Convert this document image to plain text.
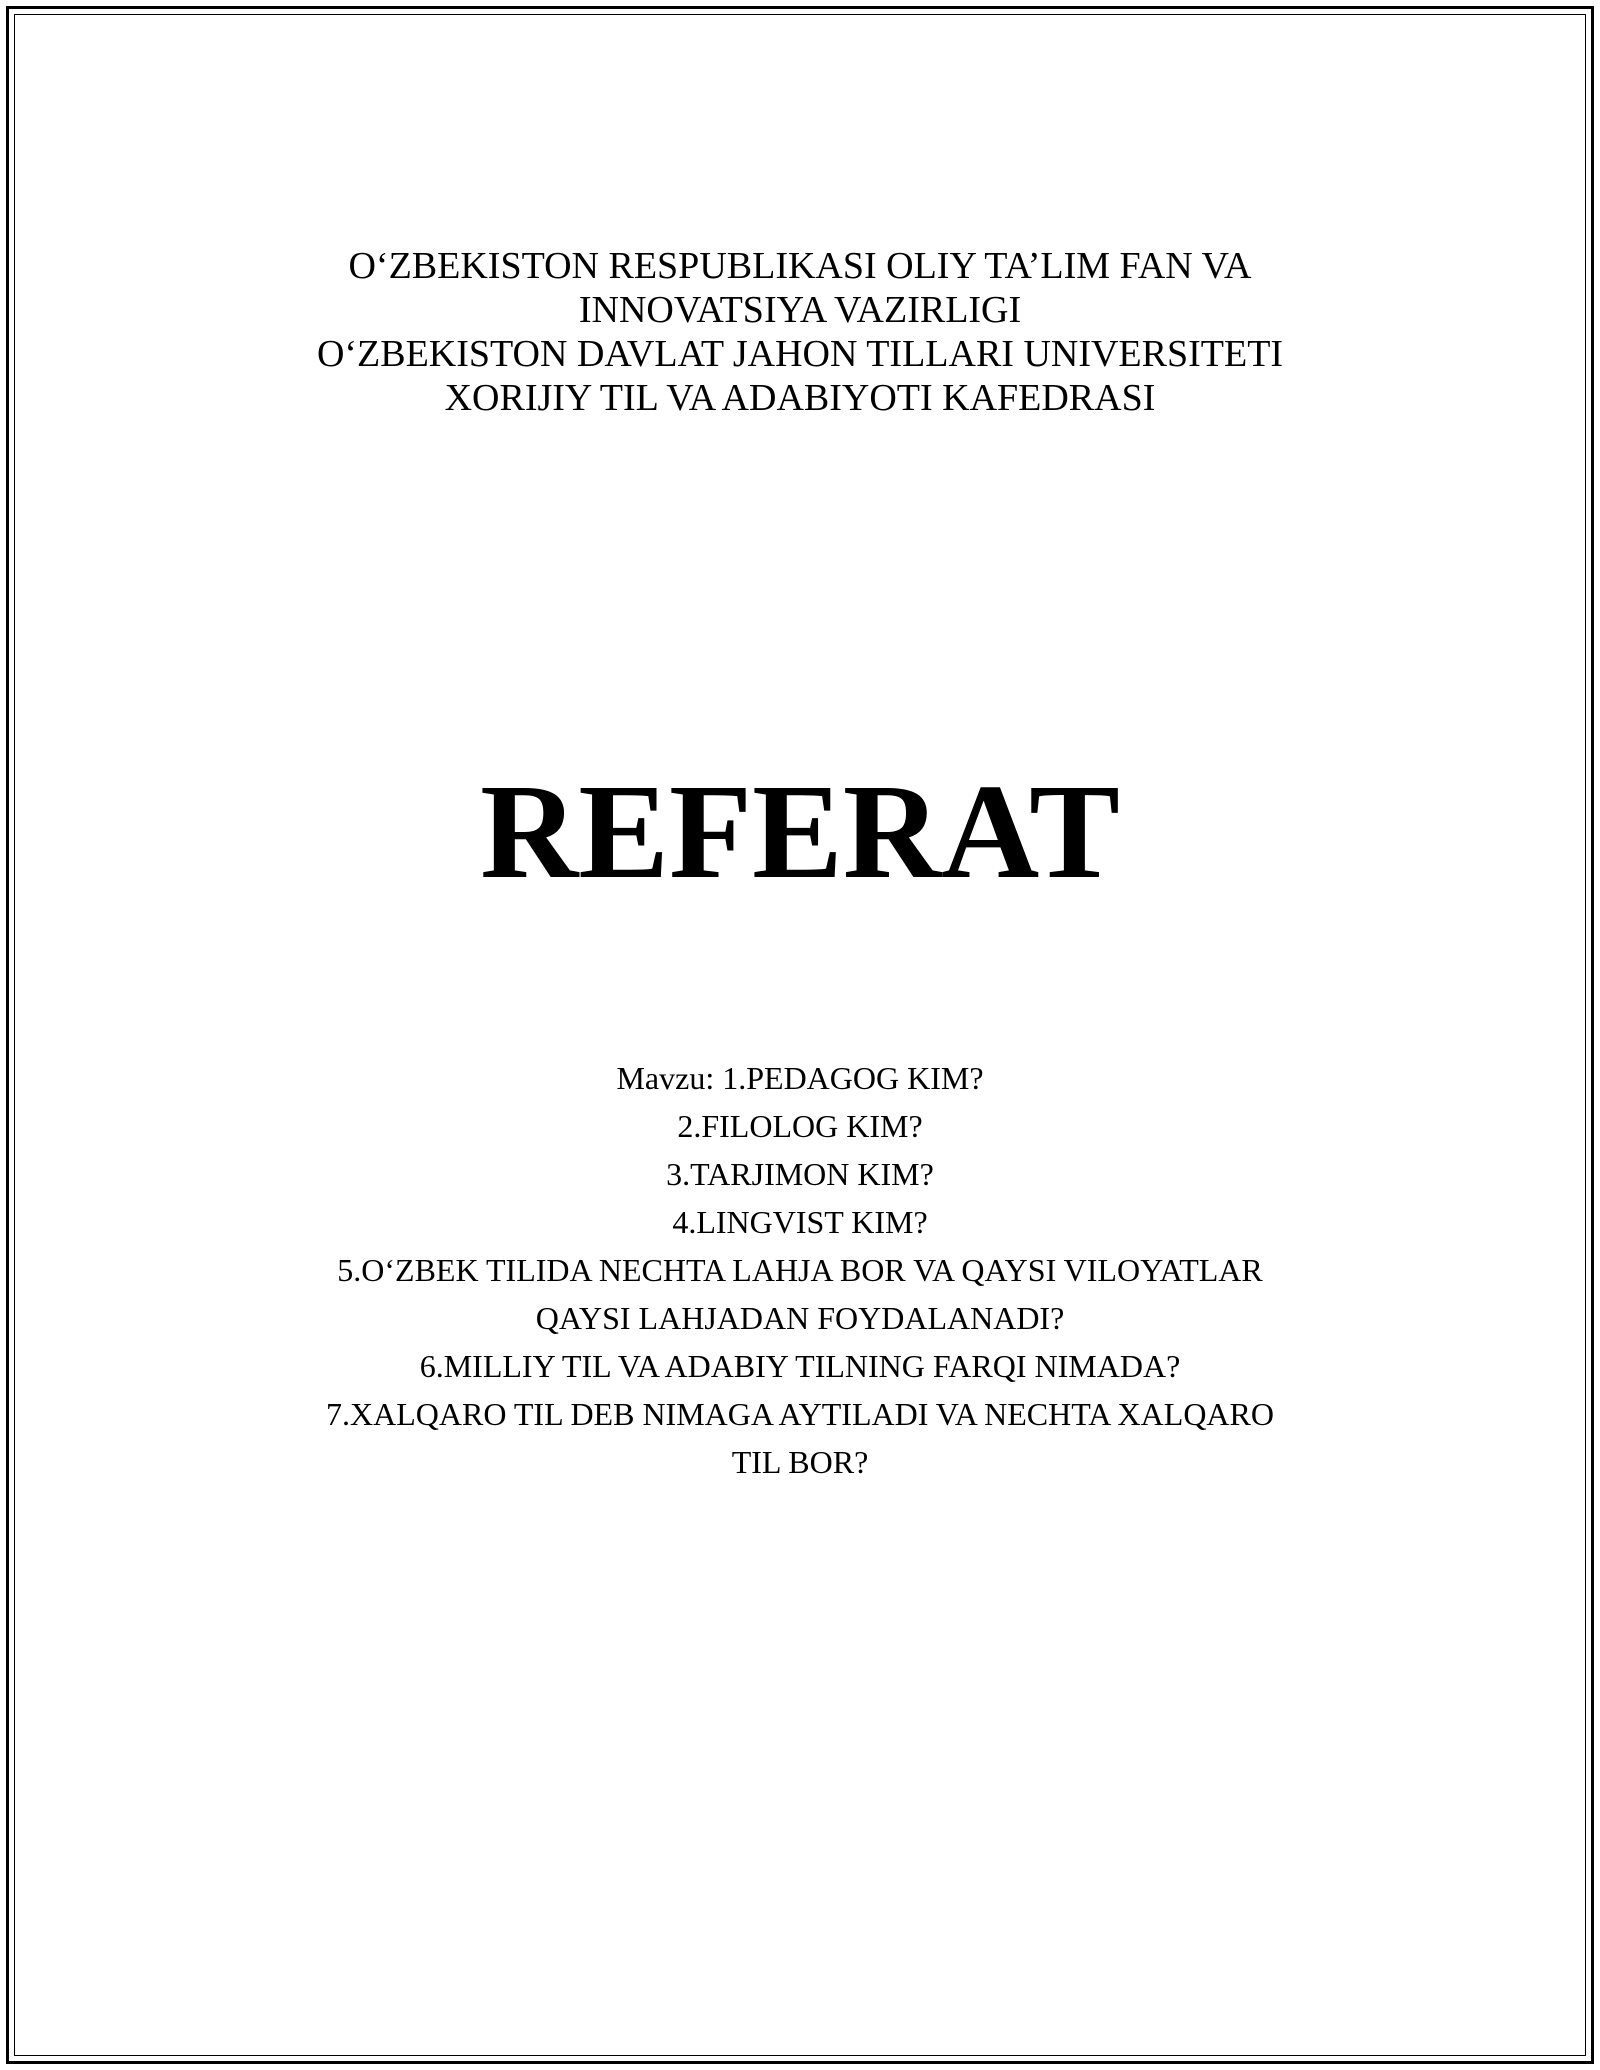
O‘ZBEKISTON RESPUBLIKASI OLIY TA’LIM FAN VA
INNOVATSIYA VAZIRLIGI
O‘ZBEKISTON DAVLAT JAHON TILLARI UNIVERSITETI
XORIJIY TIL VA ADABIYOTI KAFEDRASI
REFERAT
Mavzu: 1.PEDAGOG KIM?
2.FILOLOG KIM?
3.TARJIMON KIM?
4.LINGVIST KIM?
5.O‘ZBEK TILIDA NECHTA LAHJA BOR VA QAYSI VILOYATLAR
QAYSI LAHJADAN FOYDALANADI?
6.MILLIY TIL VA ADABIY TILNING FARQI NIMADA?
7.XALQARO TIL DEB NIMAGA AYTILADI VA NECHTA XALQARO
TIL BOR?
